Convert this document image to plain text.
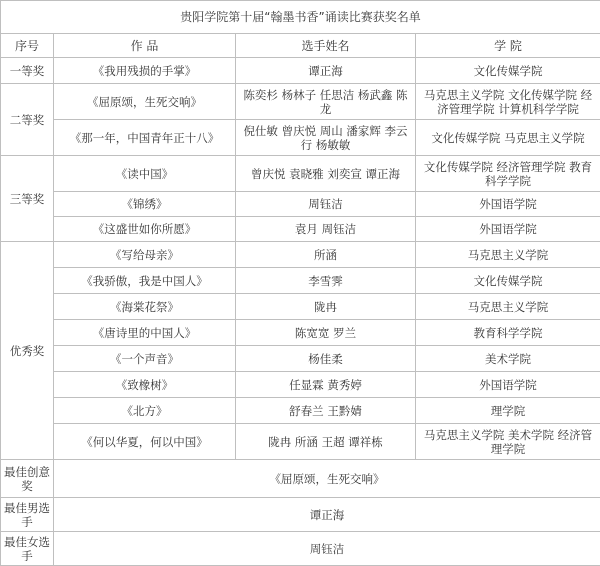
贵阳学院第十届“翰墨书香”诵读比赛获奖名单			
序号	作 品	选手姓名	学 院
一等奖	《我用残损的手掌》	谭正海	文化传媒学院
二等奖	《屈原颂，生死交响》	陈奕杉 杨林子 任思洁 杨武鑫 陈龙	马克思主义学院 文化传媒学院 经济管理学院 计算机科学学院
	《那一年，中国青年正十八》	倪仕敏 曾庆悦 周山 潘家辉 李云行 杨敏敏	文化传媒学院 马克思主义学院
三等奖	《读中国》	曾庆悦 袁晓雅 刘奕宣 谭正海	文化传媒学院 经济管理学院 教育科学学院
	《锦绣》	周钰洁	外国语学院
	《这盛世如你所愿》	袁月 周钰洁	外国语学院
优秀奖	《写给母亲》	所涵	马克思主义学院
	《我骄傲，我是中国人》	李雪霁	文化传媒学院
	《海棠花祭》	陇冉	马克思主义学院
	《唐诗里的中国人》	陈宽宽 罗兰	教育科学学院
	《一个声音》	杨佳柔	美术学院
	《致橡树》	任显霖 黄秀婷	外国语学院
	《北方》	舒春兰 王黔婧	理学院
	《何以华夏，何以中国》	陇冉 所涵 王超 谭祥栋	马克思主义学院 美术学院 经济管理学院
最佳创意奖	《屈原颂，生死交响》		
最佳男选手	谭正海		
最佳女选手	周钰洁		
